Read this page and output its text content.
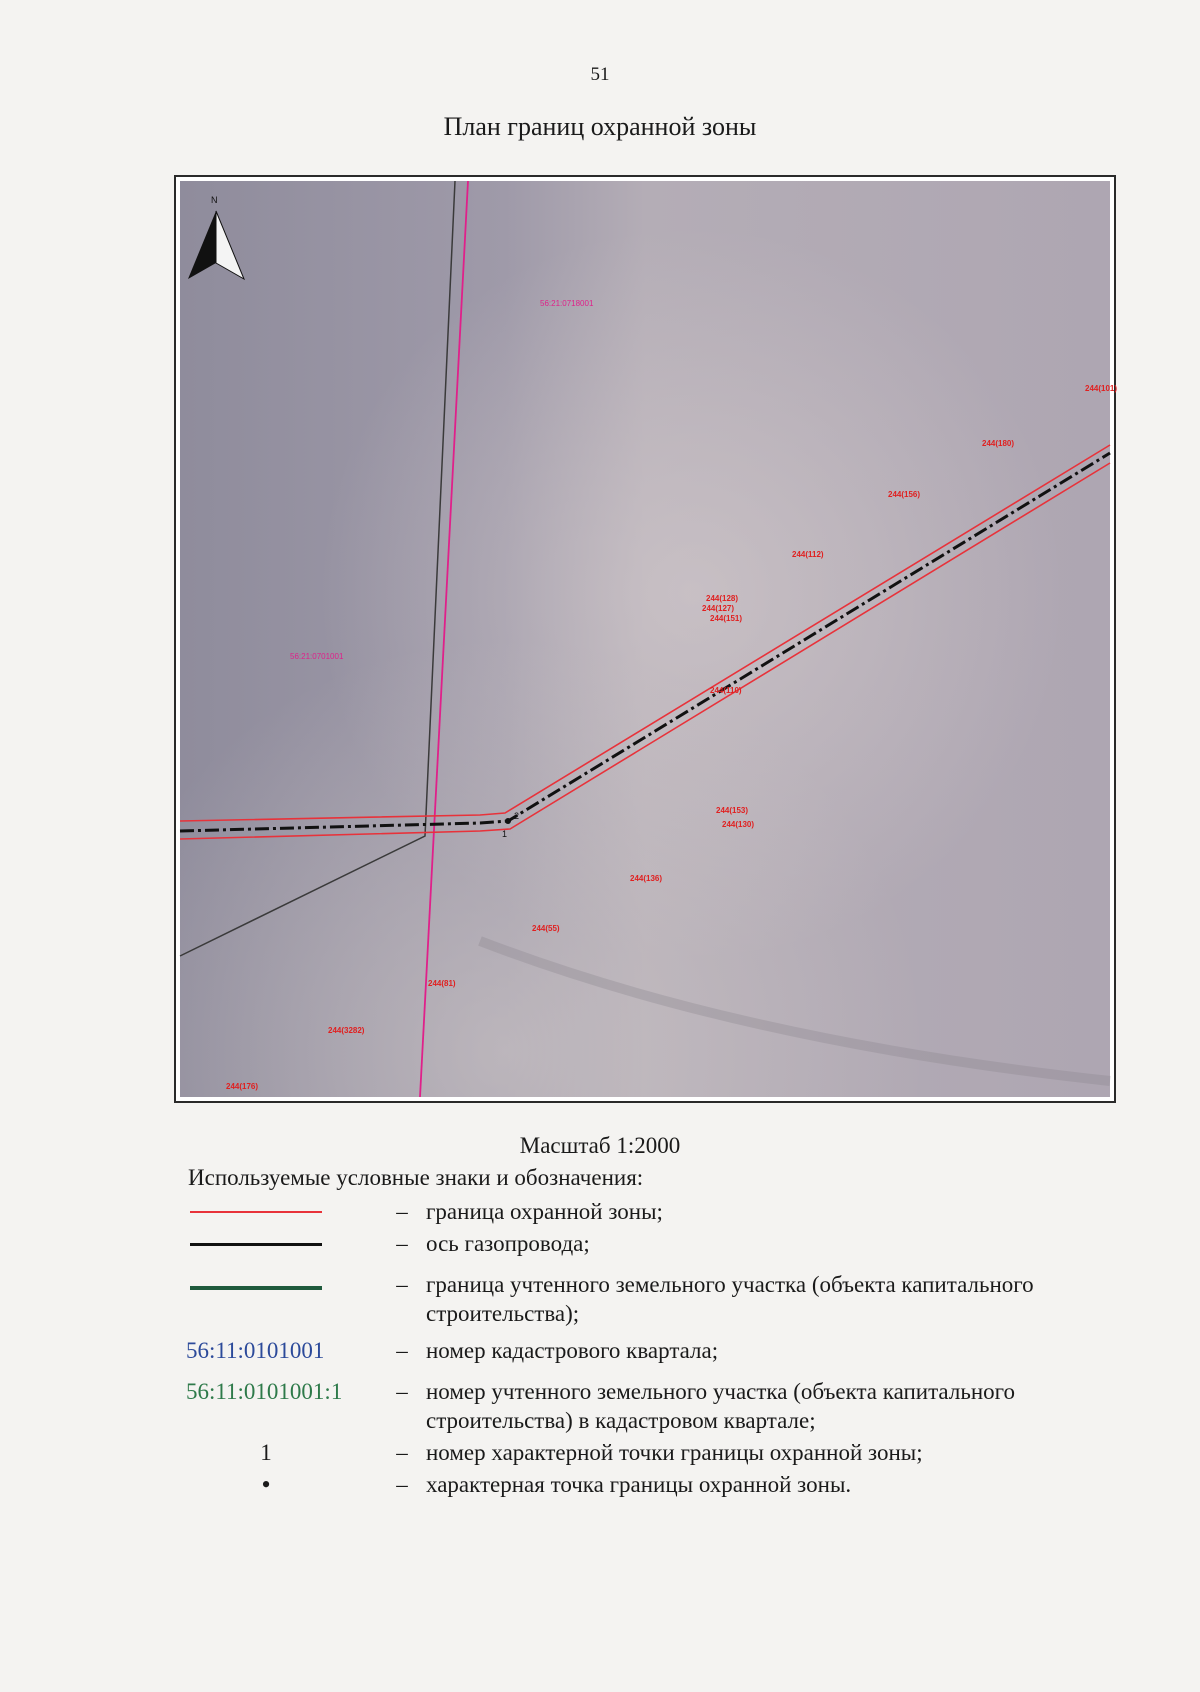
51
План границ охранной зоны
1
2
N
56:21:0718001
56:21:0701001
244(101)
244(180)
244(156)
244(112)
244(128)
244(127)
244(151)
244(110)
244(153)
244(130)
244(136)
244(55)
244(81)
244(3282)
244(176)
Масштаб 1:2000
Используемые условные знаки и обозначения:
– граница охранной зоны;
– ось газопровода;
– граница учтенного земельного участка (объекта капитального строительства);
56:11:0101001	– номер кадастрового квартала;
56:11:0101001:1	– номер учтенного земельного участка (объекта капитального строительства) в кадастровом квартале;
1	– номер характерной точки границы охранной зоны;
•	– характерная точка границы охранной зоны.
